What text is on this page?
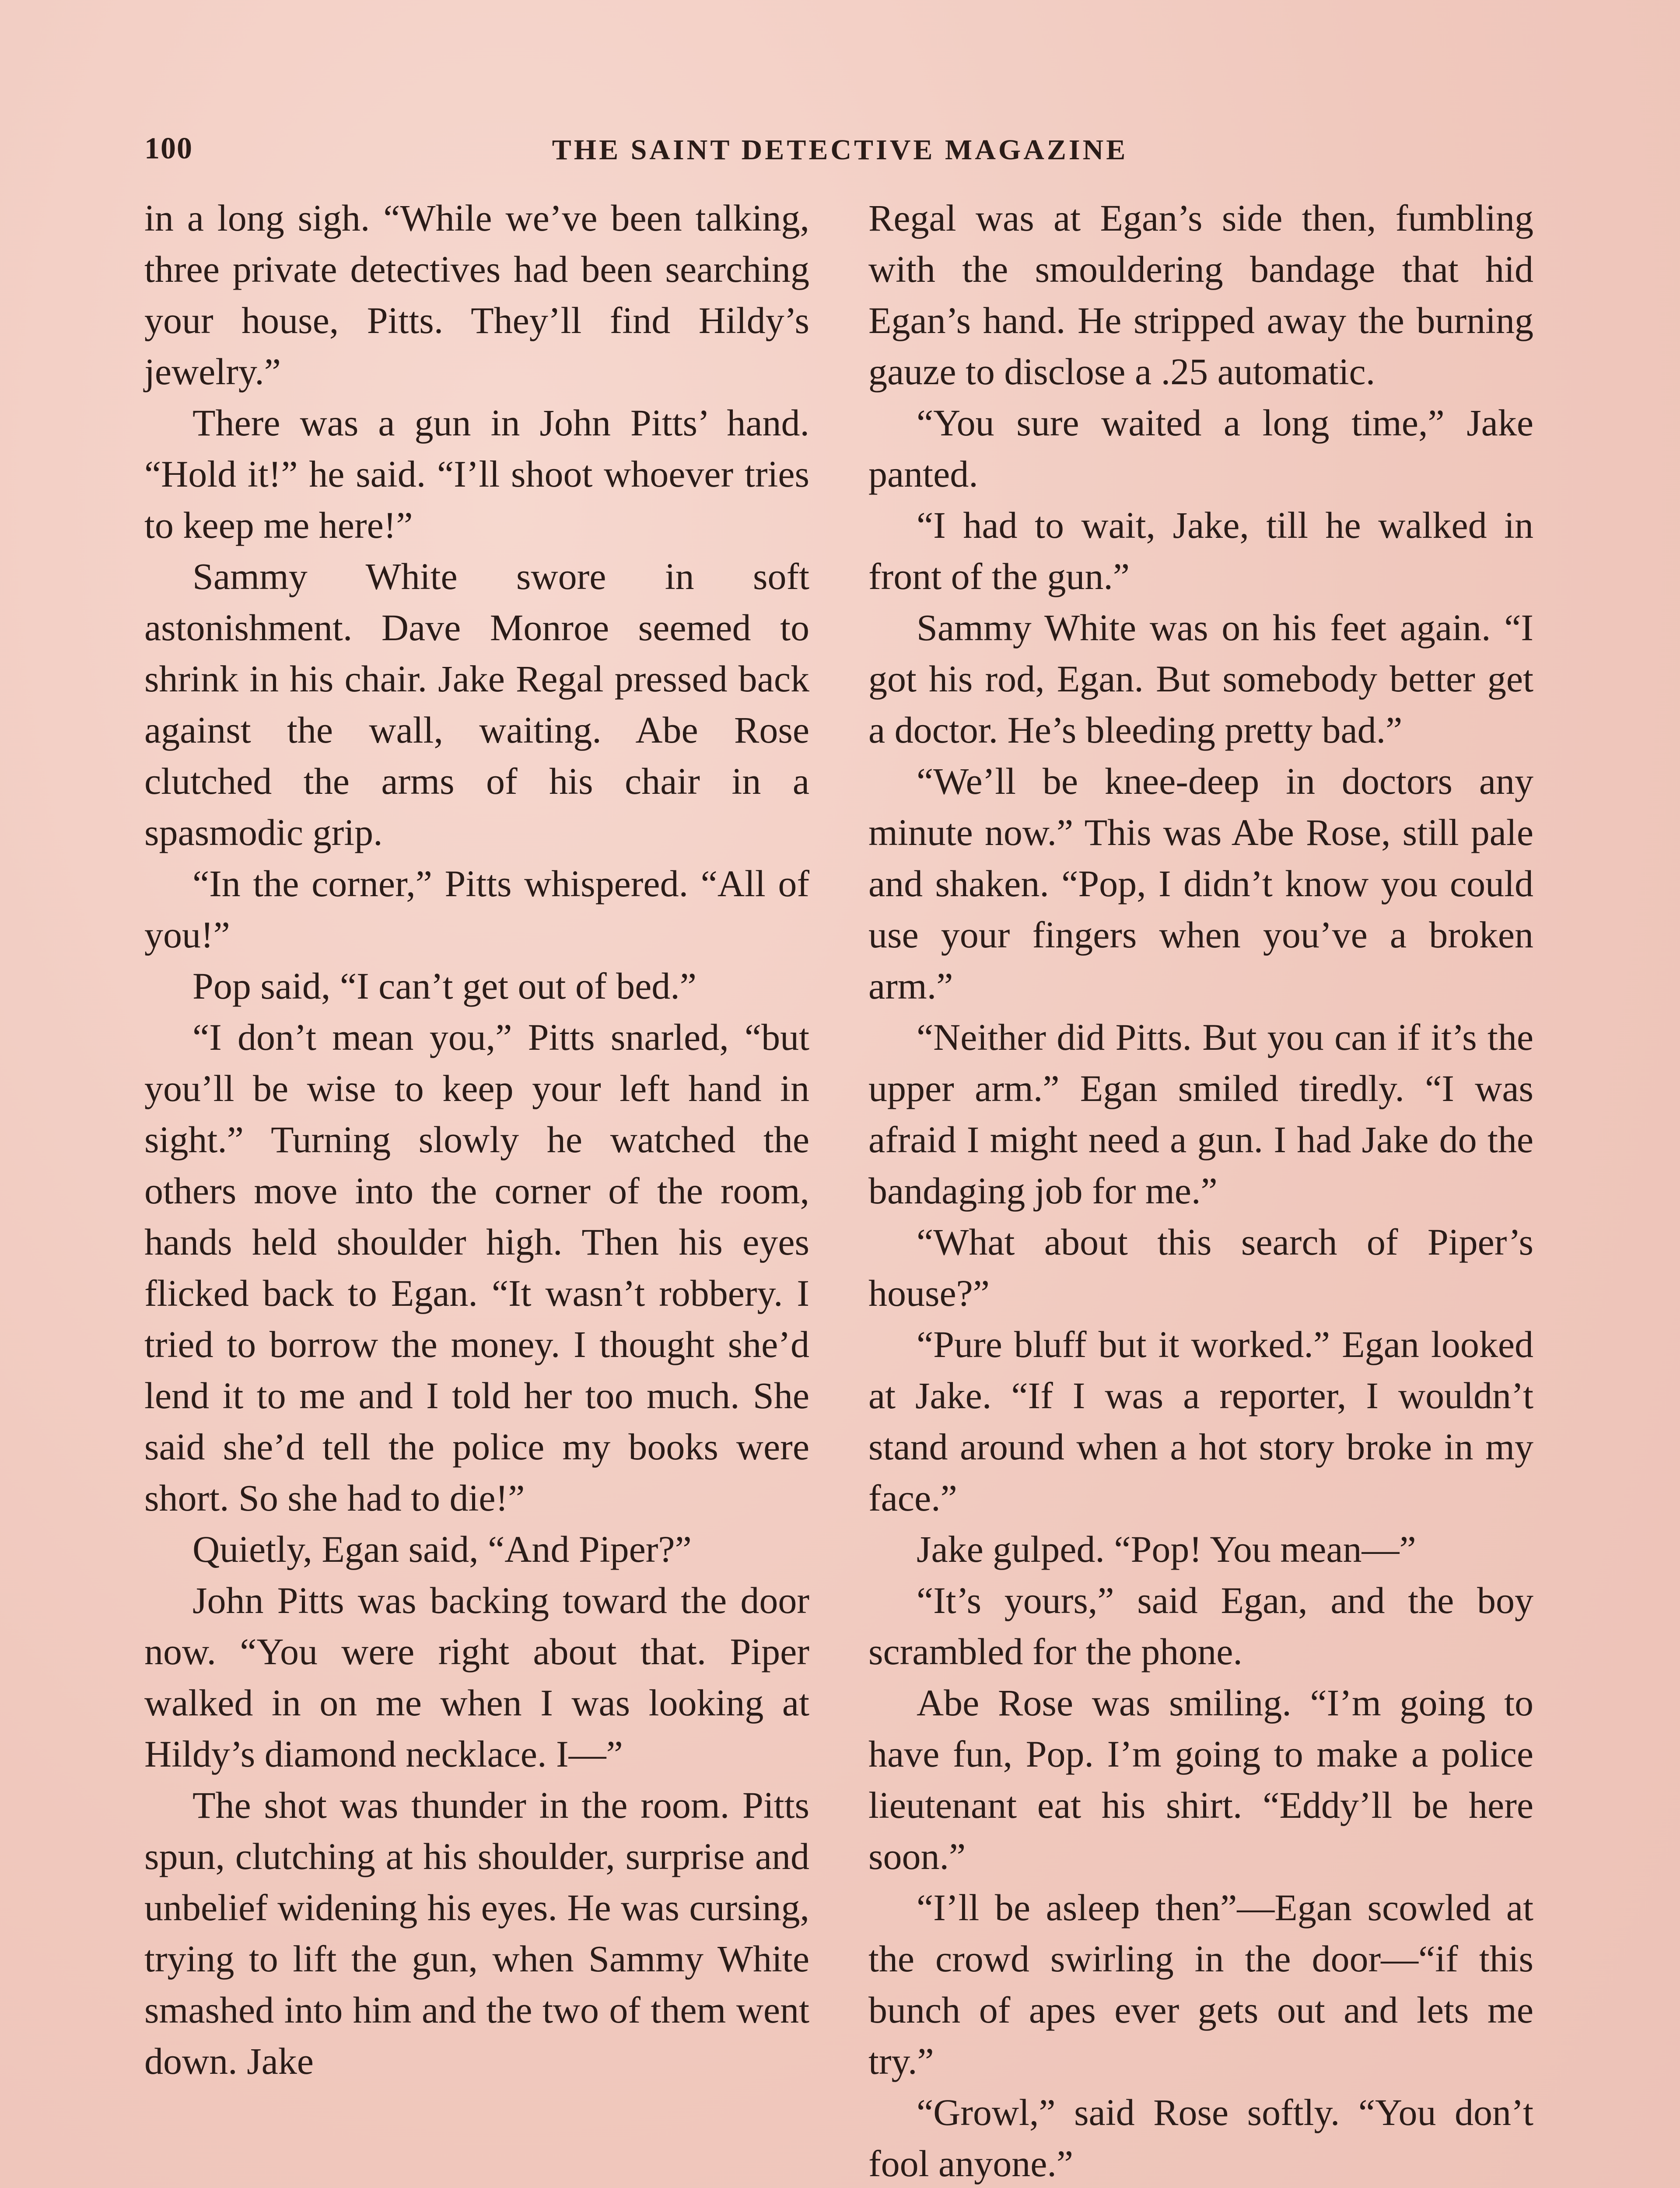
100	THE SAINT DETECTIVE MAGAZINE

in a long sigh. “While we’ve been talking, three private detectives had been searching your house, Pitts. They’ll find Hildy’s jewelry.”

There was a gun in John Pitts’ hand. “Hold it!” he said. “I’ll shoot whoever tries to keep me here!”

Sammy White swore in soft astonishment. Dave Monroe seemed to shrink in his chair. Jake Regal pressed back against the wall, waiting. Abe Rose clutched the arms of his chair in a spasmodic grip.

“In the corner,” Pitts whispered. “All of you!”

Pop said, “I can’t get out of bed.”

“I don’t mean you,” Pitts snarled, “but you’ll be wise to keep your left hand in sight.” Turning slowly he watched the others move into the corner of the room, hands held shoulder high. Then his eyes flicked back to Egan. “It wasn’t robbery. I tried to borrow the money. I thought she’d lend it to me and I told her too much. She said she’d tell the police my books were short. So she had to die!”

Quietly, Egan said, “And Piper?”

John Pitts was backing toward the door now. “You were right about that. Piper walked in on me when I was looking at Hildy’s diamond necklace. I—”

The shot was thunder in the room. Pitts spun, clutching at his shoulder, surprise and unbelief widening his eyes. He was cursing, trying to lift the gun, when Sammy White smashed into him and the two of them went down. Jake

Regal was at Egan’s side then, fumbling with the smouldering bandage that hid Egan’s hand. He stripped away the burning gauze to disclose a .25 automatic.

“You sure waited a long time,” Jake panted.

“I had to wait, Jake, till he walked in front of the gun.”

Sammy White was on his feet again. “I got his rod, Egan. But somebody better get a doctor. He’s bleeding pretty bad.”

“We’ll be knee-deep in doctors any minute now.” This was Abe Rose, still pale and shaken. “Pop, I didn’t know you could use your fingers when you’ve a broken arm.”

“Neither did Pitts. But you can if it’s the upper arm.” Egan smiled tiredly. “I was afraid I might need a gun. I had Jake do the bandaging job for me.”

“What about this search of Piper’s house?”

“Pure bluff but it worked.” Egan looked at Jake. “If I was a reporter, I wouldn’t stand around when a hot story broke in my face.”

Jake gulped. “Pop! You mean—”

“It’s yours,” said Egan, and the boy scrambled for the phone.

Abe Rose was smiling. “I’m going to have fun, Pop. I’m going to make a police lieutenant eat his shirt. “Eddy’ll be here soon.”

“I’ll be asleep then”—Egan scowled at the crowd swirling in the door—“if this bunch of apes ever gets out and lets me try.”

“Growl,” said Rose softly. “You don’t fool anyone.”
